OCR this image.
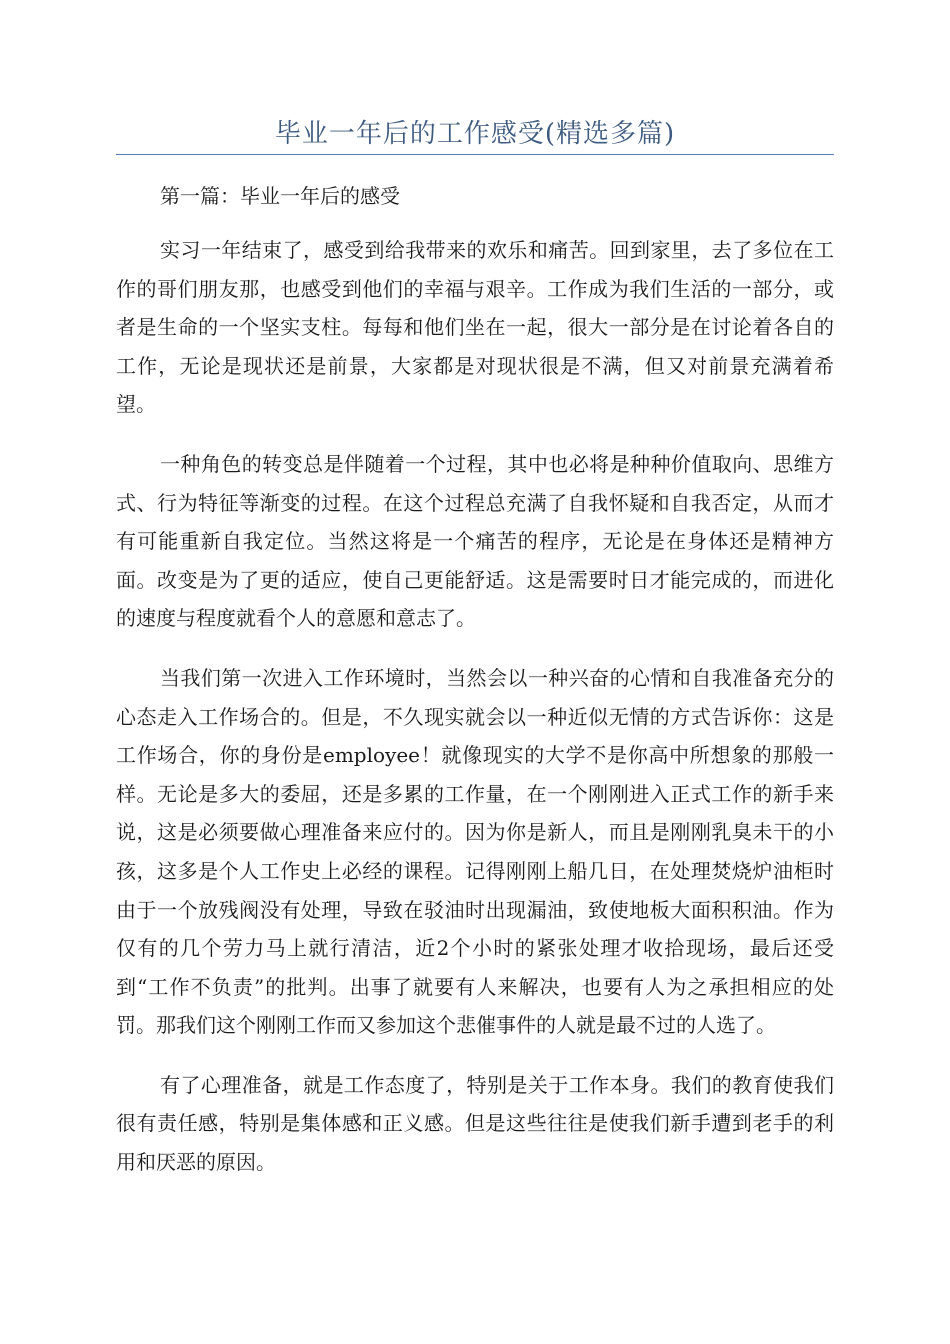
毕业一年后的工作感受(精选多篇)

第一篇：毕业一年后的感受

实习一年结束了，感受到给我带来的欢乐和痛苦。回到家里，去了多位在工作的哥们朋友那，也感受到他们的幸福与艰辛。工作成为我们生活的一部分，或者是生命的一个坚实支柱。每每和他们坐在一起，很大一部分是在讨论着各自的工作，无论是现状还是前景，大家都是对现状很是不满，但又对前景充满着希望。

一种角色的转变总是伴随着一个过程，其中也必将是种种价值取向、思维方式、行为特征等渐变的过程。在这个过程总充满了自我怀疑和自我否定，从而才有可能重新自我定位。当然这将是一个痛苦的程序，无论是在身体还是精神方面。改变是为了更的适应，使自己更能舒适。这是需要时日才能完成的，而进化的速度与程度就看个人的意愿和意志了。

当我们第一次进入工作环境时，当然会以一种兴奋的心情和自我准备充分的心态走入工作场合的。但是，不久现实就会以一种近似无情的方式告诉你：这是工作场合，你的身份是employee！就像现实的大学不是你高中所想象的那般一样。无论是多大的委屈，还是多累的工作量，在一个刚刚进入正式工作的新手来说，这是必须要做心理准备来应付的。因为你是新人，而且是刚刚乳臭未干的小孩，这多是个人工作史上必经的课程。记得刚刚上船几日，在处理焚烧炉油柜时由于一个放残阀没有处理，导致在驳油时出现漏油，致使地板大面积积油。作为仅有的几个劳力马上就行清洁，近2个小时的紧张处理才收拾现场，最后还受到“工作不负责”的批判。出事了就要有人来解决，也要有人为之承担相应的处罚。那我们这个刚刚工作而又参加这个悲催事件的人就是最不过的人选了。

有了心理准备，就是工作态度了，特别是关于工作本身。我们的教育使我们很有责任感，特别是集体感和正义感。但是这些往往是使我们新手遭到老手的利用和厌恶的原因。
